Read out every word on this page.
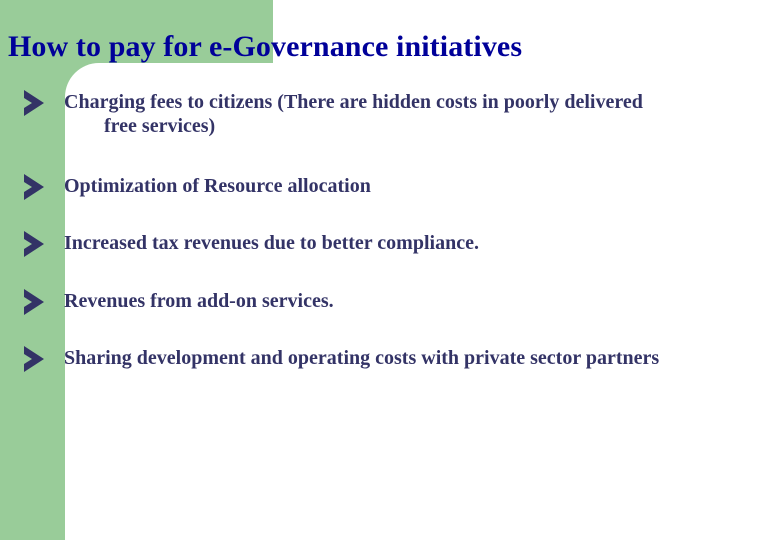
How to pay for e-Governance initiatives
Charging fees to citizens (There are hidden costs in poorly delivered
free services)
Optimization of Resource allocation
Increased tax revenues due to better compliance.
Revenues from add-on services.
Sharing development and operating costs with private sector partners
